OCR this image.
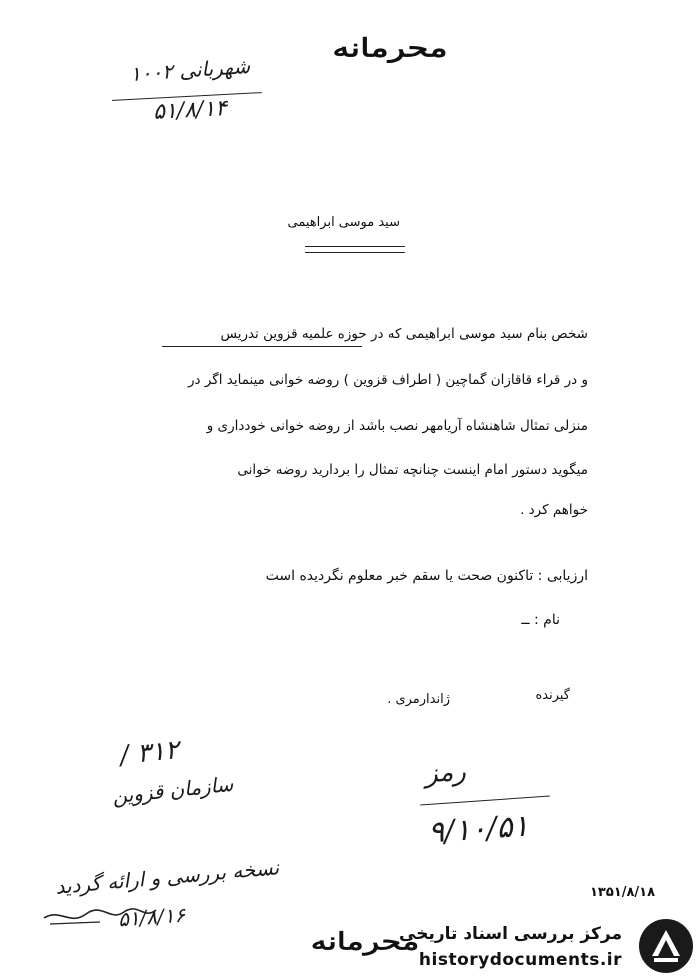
محرمانه
شهربانی ۱۰۰۲
۵۱/۸/۱۴
سید موسی ابراهیمی
شخص بنام سید موسی ابراهیمی که در حوزه علمیه قزوین تدریس
و در قراء قاقازان گماچین ( اطراف قزوین ) روضه خوانی مینماید اگر در
منزلی تمثال شاهنشاه آریامهر نصب باشد از روضه خوانی خودداری و
میگوید دستور امام اینست چنانچه تمثال را بردارید روضه خوانی
خواهم کرد .
ارزیابی : تاکنون صحت یا سقم خبر معلوم نگردیده است
نام : ــ
گیرنده
ژاندارمری .
۳۱۲ /
سازمان قزوین	رمز
۹/۱۰/۵۱
نسخه بررسی و ارائه گردید
۵۱/۸/۱۶
۱۳۵۱/۸/۱۸
محرمانه
مرکز بررسی اسناد تاریخی
historydocuments.ir
